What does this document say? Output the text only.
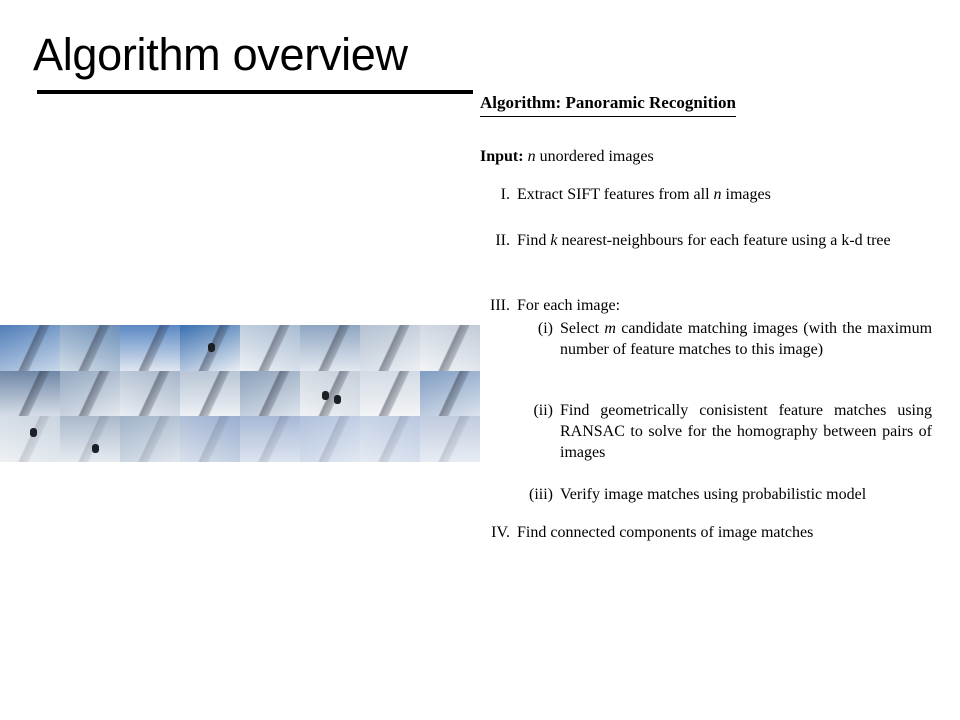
Algorithm overview
Algorithm: Panoramic Recognition
Input: n unordered images
I. Extract SIFT features from all n images
II. Find k nearest-neighbours for each feature using a k-d tree
III. For each image:
(i) Select m candidate matching images (with the maximum number of feature matches to this image)
(ii) Find geometrically conisistent feature matches using RANSAC to solve for the homography between pairs of images
(iii) Verify image matches using probabilistic model
IV. Find connected components of image matches
